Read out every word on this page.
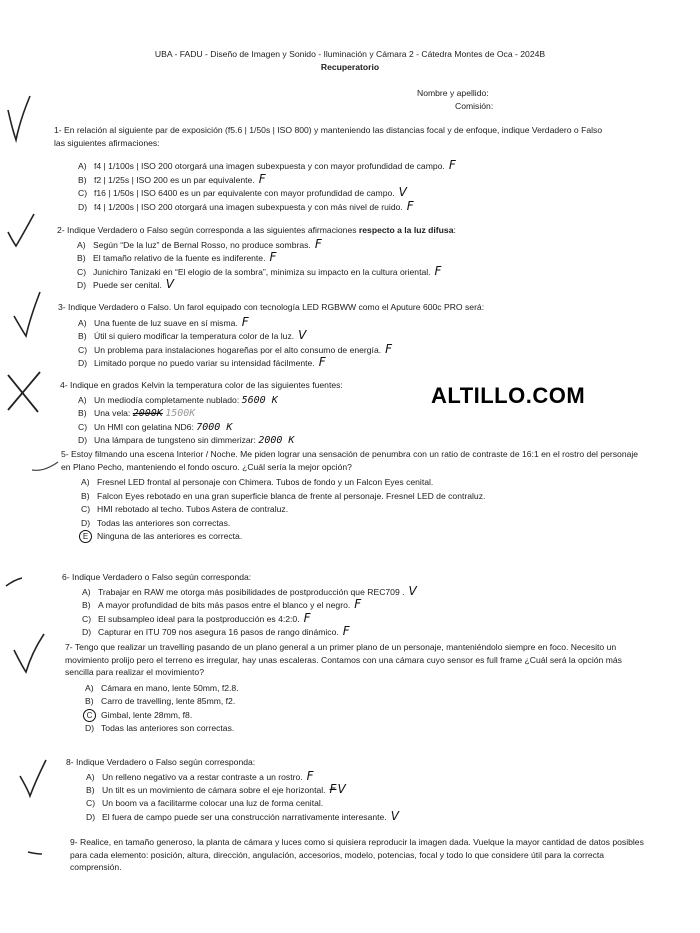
UBA - FADU - Diseño de Imagen y Sonido - Iluminación y Cámara 2 - Cátedra Montes de Oca - 2024B
Recuperatorio
Nombre y apellido:
Comisión:
ALTILLO.COM
1- En relación al siguiente par de exposición (f5.6 | 1/50s | ISO 800) y manteniendo las distancias focal y de enfoque, indique Verdadero o Falso las siguientes afirmaciones:
A) f4 | 1/100s | ISO 200 otorgará una imagen subexpuesta y con mayor profundidad de campo. F
B) f2 | 1/25s | ISO 200 es un par equivalente. F
C) f16 | 1/50s | ISO 6400 es un par equivalente con mayor profundidad de campo. V
D) f4 | 1/200s | ISO 200 otorgará una imagen subexpuesta y con más nivel de ruido. F
2- Indique Verdadero o Falso según corresponda a las siguientes afirmaciones respecto a la luz difusa:
A) Según “De la luz” de Bernal Rosso, no produce sombras. F
B) El tamaño relativo de la fuente es indiferente. F
C) Junichiro Tanizaki en “El elogio de la sombra”, minimiza su impacto en la cultura oriental. F
D) Puede ser cenital. V
3- Indique Verdadero o Falso. Un farol equipado con tecnología LED RGBWW como el Aputure 600c PRO será:
A) Una fuente de luz suave en sí misma. F
B) Útil si quiero modificar la temperatura color de la luz. V
C) Un problema para instalaciones hogareñas por el alto consumo de energía. F
D) Limitado porque no puedo variar su intensidad fácilmente. F
4- Indique en grados Kelvin la temperatura color de las siguientes fuentes:
A) Un mediodía completamente nublado: 5600 K
B) Una vela: 2000K 1500K
C) Un HMI con gelatina ND6: 7000 K
D) Una lámpara de tungsteno sin dimmerizar: 2000 K
5- Estoy filmando una escena Interior / Noche. Me piden lograr una sensación de penumbra con un ratio de contraste de 16:1 en el rostro del personaje en Plano Pecho, manteniendo el fondo oscuro. ¿Cuál sería la mejor opción?
A) Fresnel LED frontal al personaje con Chimera. Tubos de fondo y un Falcon Eyes cenital.
B) Falcon Eyes rebotado en una gran superficie blanca de frente al personaje. Fresnel LED de contraluz.
C) HMI rebotado al techo. Tubos Astera de contraluz.
D) Todas las anteriores son correctas.
E Ninguna de las anteriores es correcta.
6- Indique Verdadero o Falso según corresponda:
A) Trabajar en RAW me otorga más posibilidades de postproducción que REC709 . V
B) A mayor profundidad de bits más pasos entre el blanco y el negro. F
C) El subsampleo ideal para la postproducción es 4:2:0. F
D) Capturar en ITU 709 nos asegura 16 pasos de rango dinámico. F
7- Tengo que realizar un travelling pasando de un plano general a un primer plano de un personaje, manteniéndolo siempre en foco. Necesito un movimiento prolijo pero el terreno es irregular, hay unas escaleras. Contamos con una cámara cuyo sensor es full frame ¿Cuál será la opción más sencilla para realizar el movimiento?
A) Cámara en mano, lente 50mm, f2.8.
B) Carro de travelling, lente 85mm, f2.
C Gimbal, lente 28mm, f8.
D) Todas las anteriores son correctas.
8- Indique Verdadero o Falso según corresponda:
A) Un relleno negativo va a restar contraste a un rostro. F
B) Un tilt es un movimiento de cámara sobre el eje horizontal. FV
C) Un boom va a facilitarme colocar una luz de forma cenital.
D) El fuera de campo puede ser una construcción narrativamente interesante. V
9- Realice, en tamaño generoso, la planta de cámara y luces como si quisiera reproducir la imagen dada. Vuelque la mayor cantidad de datos posibles para cada elemento: posición, altura, dirección, angulación, accesorios, modelo, potencias, focal y todo lo que considere útil para la correcta comprensión.
